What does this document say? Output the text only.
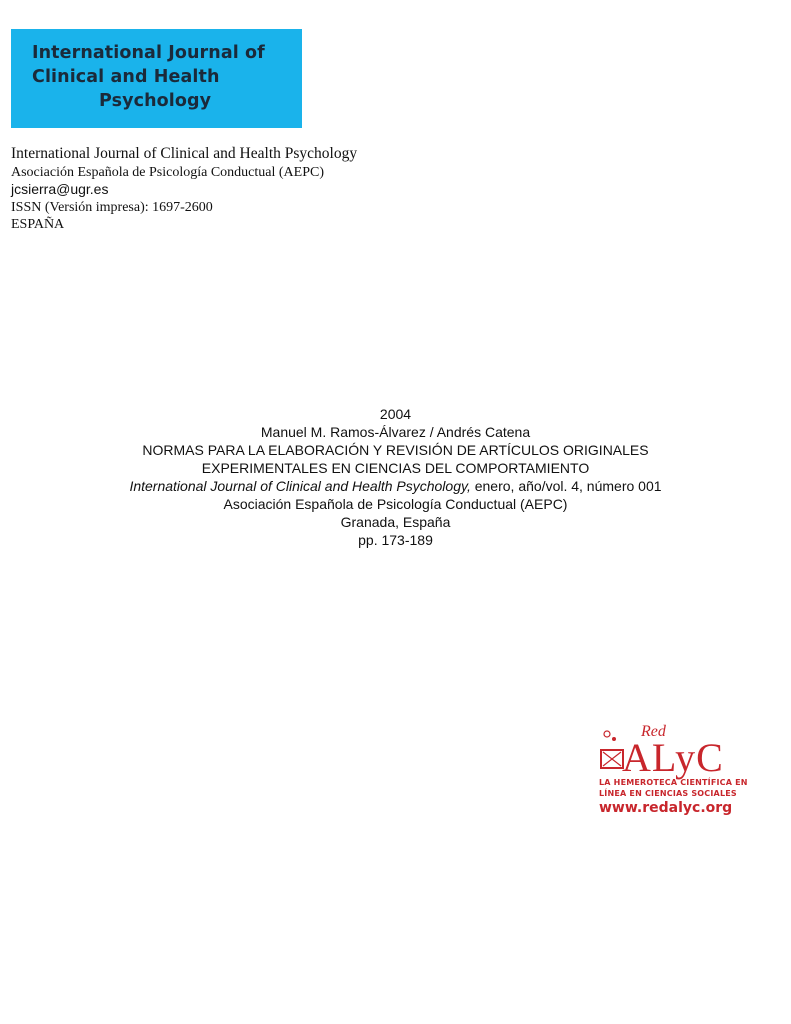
International Journal of
Clinical and Health
Psychology
International Journal of Clinical and Health Psychology
Asociación Española de Psicología Conductual (AEPC)
jcsierra@ugr.es
ISSN (Versión impresa): 1697-2600
ESPAÑA
2004
Manuel M. Ramos-Álvarez / Andrés Catena
NORMAS PARA LA ELABORACIÓN Y REVISIÓN DE ARTÍCULOS ORIGINALES
EXPERIMENTALES EN CIENCIAS DEL COMPORTAMIENTO
International Journal of Clinical and Health Psychology, enero, año/vol. 4, número 001
Asociación Española de Psicología Conductual (AEPC)
Granada, España
pp. 173-189
Red
ALyC
LA HEMEROTECA CIENTÍFICA EN
LÍNEA EN CIENCIAS SOCIALES
www.redalyc.org
